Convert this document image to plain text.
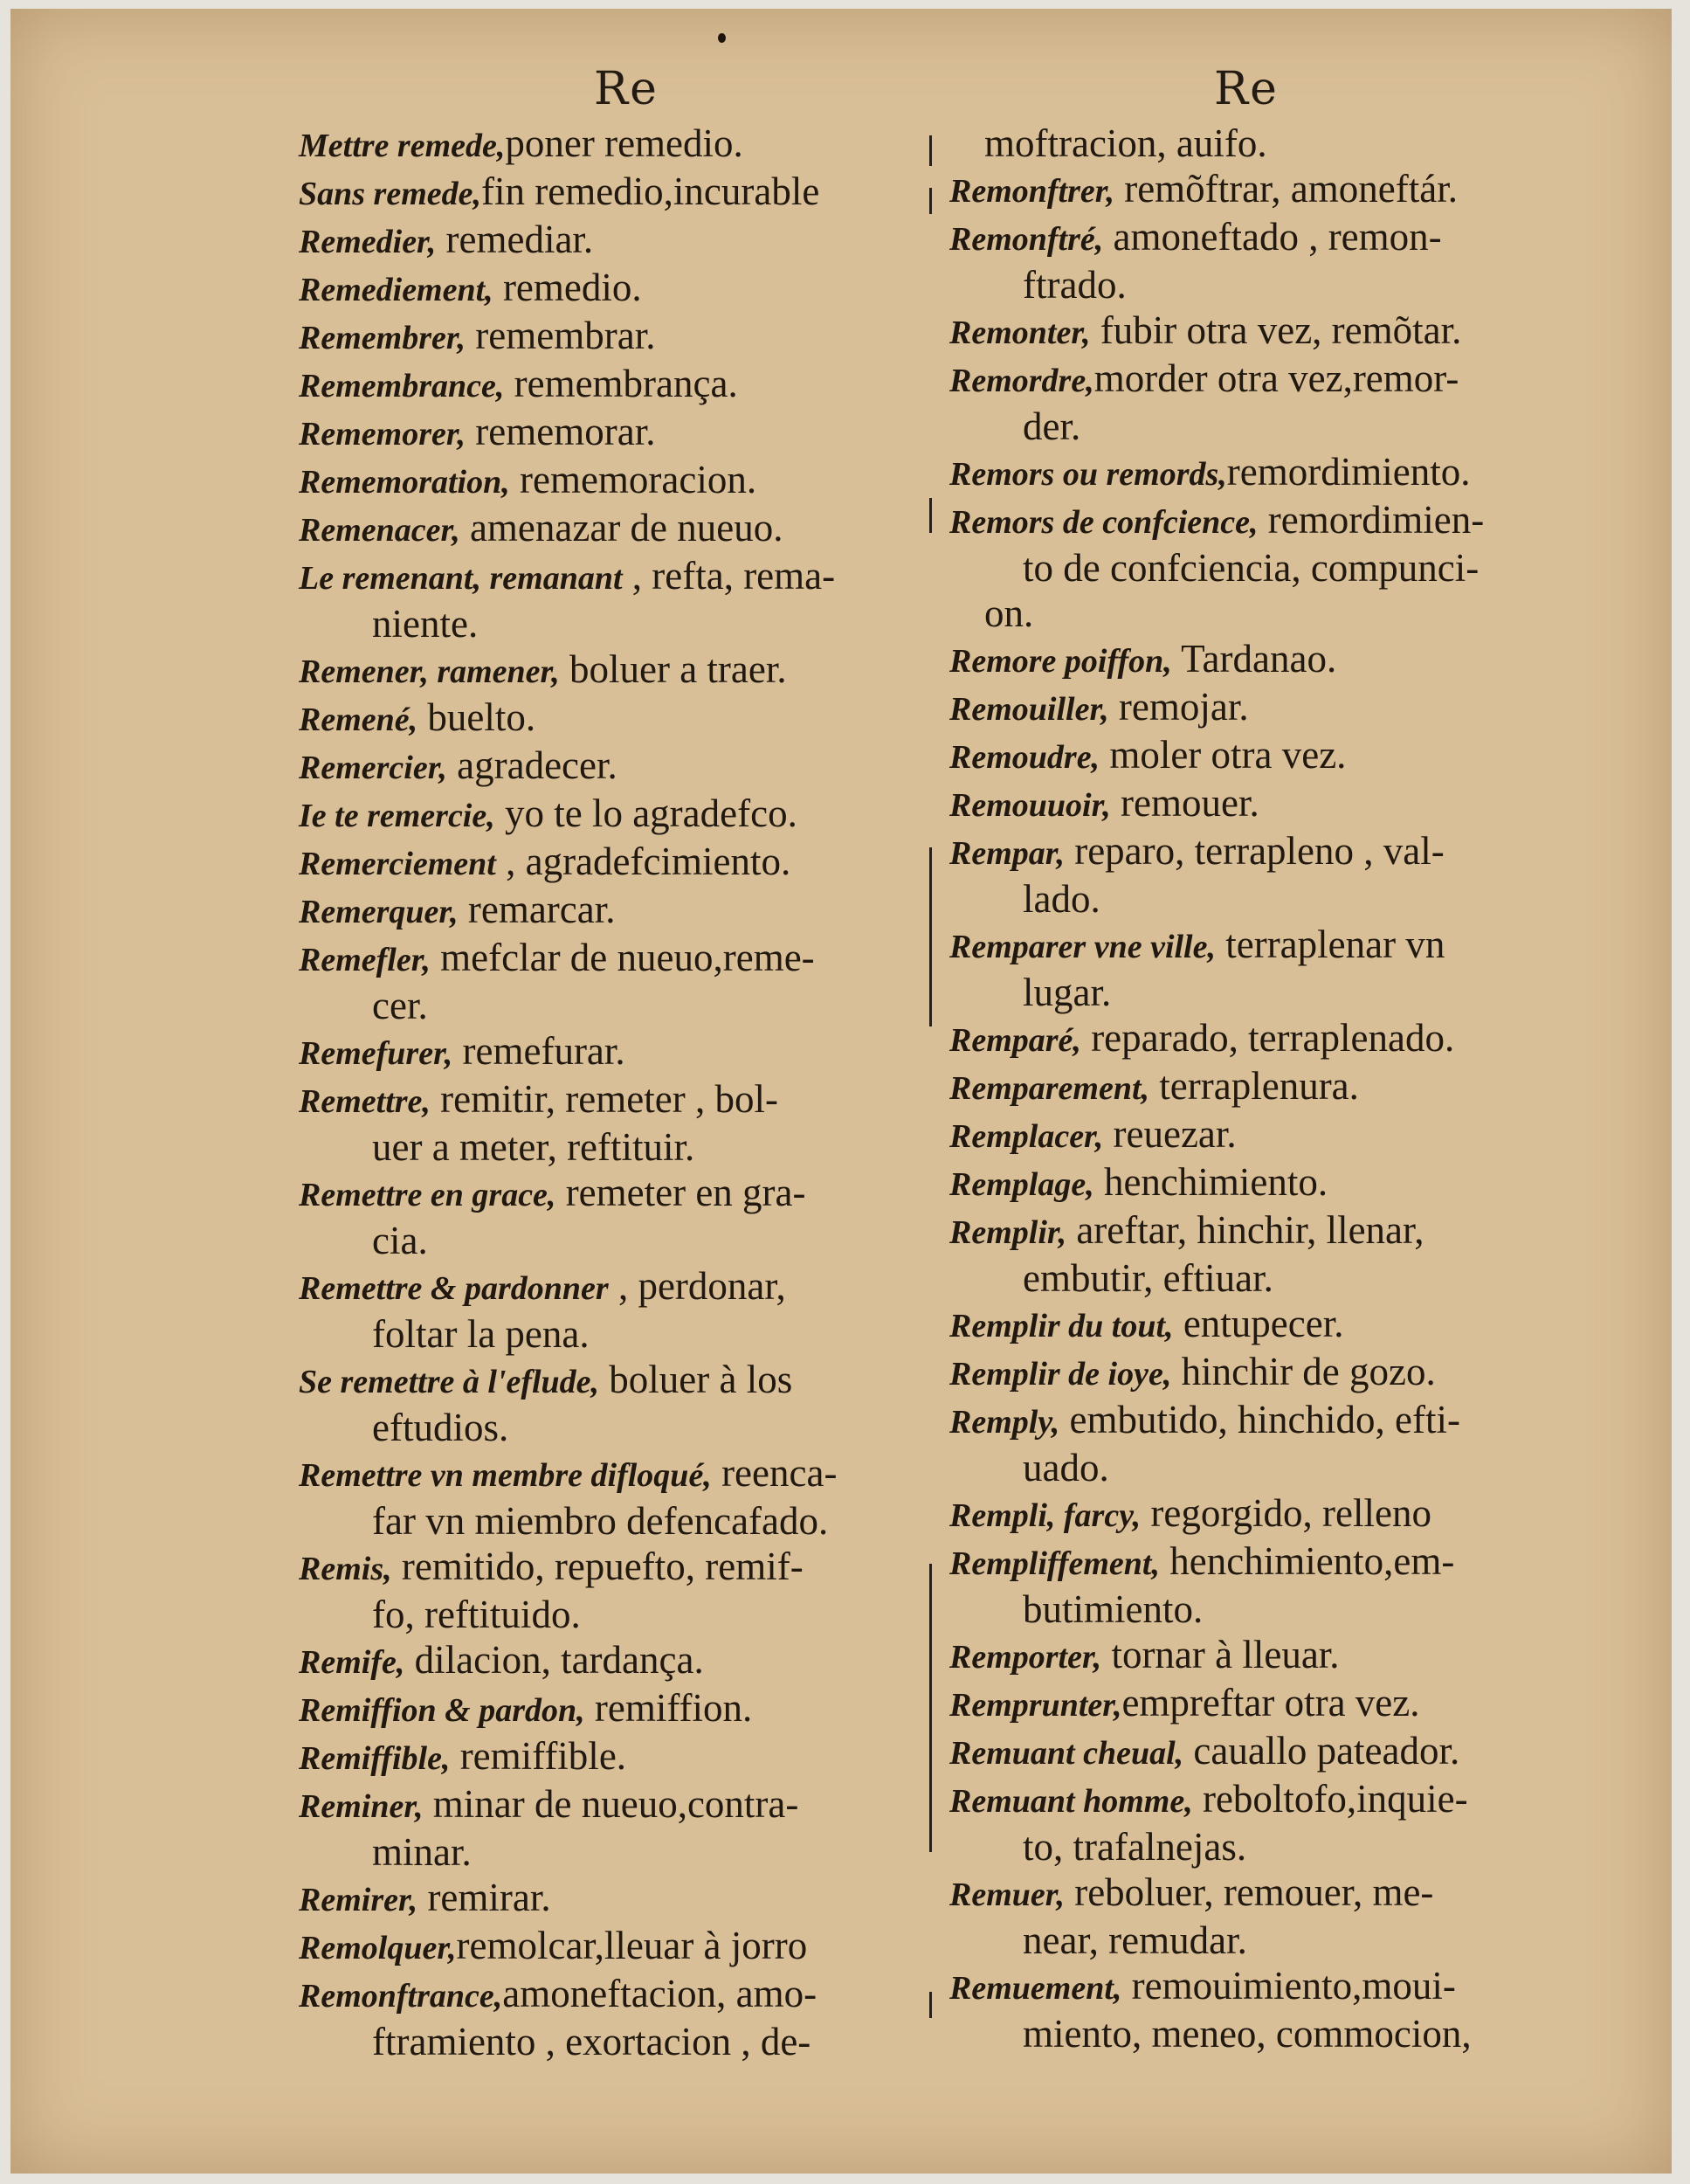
Re	Re

Mettre remede,poner remedio.

Sans remede,fin remedio,incurable

Remedier, remediar.

Remediement, remedio.

Remembrer, remembrar.

Remembrance, remembrança.

Rememorer, rememorar.

Rememoration, rememoracion.

Remenacer, amenazar de nueuo.

Le remenant, remanant , refta, rema-
niente.

Remener, ramener, boluer a traer.

Remené, buelto.

Remercier, agradecer.

Ie te remercie, yo te lo agradefco.

Remerciement , agradefcimiento.

Remerquer, remarcar.

Remefler, mefclar de nueuo,reme-
cer.

Remefurer, remefurar.

Remettre, remitir, remeter , bol-
uer a meter, reftituir.

Remettre en grace, remeter en gra-
cia.

Remettre & pardonner , perdonar,
foltar la pena.

Se remettre à l'eflude, boluer à los
eftudios.

Remettre vn membre difloqué, reenca-
far vn miembro defencafado.

Remis, remitido, repuefto, remif-
fo, reftituido.

Remife, dilacion, tardança.

Remiffion & pardon, remiffion.

Remiffible, remiffible.

Reminer, minar de nueuo,contra-
minar.

Remirer, remirar.

Remolquer,remolcar,lleuar à jorro

Remonftrance,amoneftacion, amo-
ftramiento , exortacion , de-

moftracion, auifo.

Remonftrer, remõftrar, amoneftár.

Remonftré, amoneftado , remon-
ftrado.

Remonter, fubir otra vez, remõtar.

Remordre,morder otra vez,remor-
der.

Remors ou remords,remordimiento.

Remors de confcience, remordimien-
to de confciencia, compunci-

on.

Remore poiffon, Tardanao.

Remouiller, remojar.

Remoudre, moler otra vez.

Remouuoir, remouer.

Rempar, reparo, terrapleno , val-
lado.

Remparer vne ville, terraplenar vn
lugar.

Remparé, reparado, terraplenado.

Remparement, terraplenura.

Remplacer, reuezar.

Remplage, henchimiento.

Remplir, areftar, hinchir, llenar,
embutir, eftiuar.

Remplir du tout, entupecer.

Remplir de ioye, hinchir de gozo.

Remply, embutido, hinchido, efti-
uado.

Rempli, farcy, regorgido, relleno

Rempliffement, henchimiento,em-
butimiento.

Remporter, tornar à lleuar.

Remprunter,empreftar otra vez.

Remuant cheual, cauallo pateador.

Remuant homme, reboltofo,inquie-
to, trafalnejas.

Remuer, reboluer, remouer, me-
near, remudar.

Remuement, remouimiento,moui-
miento, meneo, commocion,
